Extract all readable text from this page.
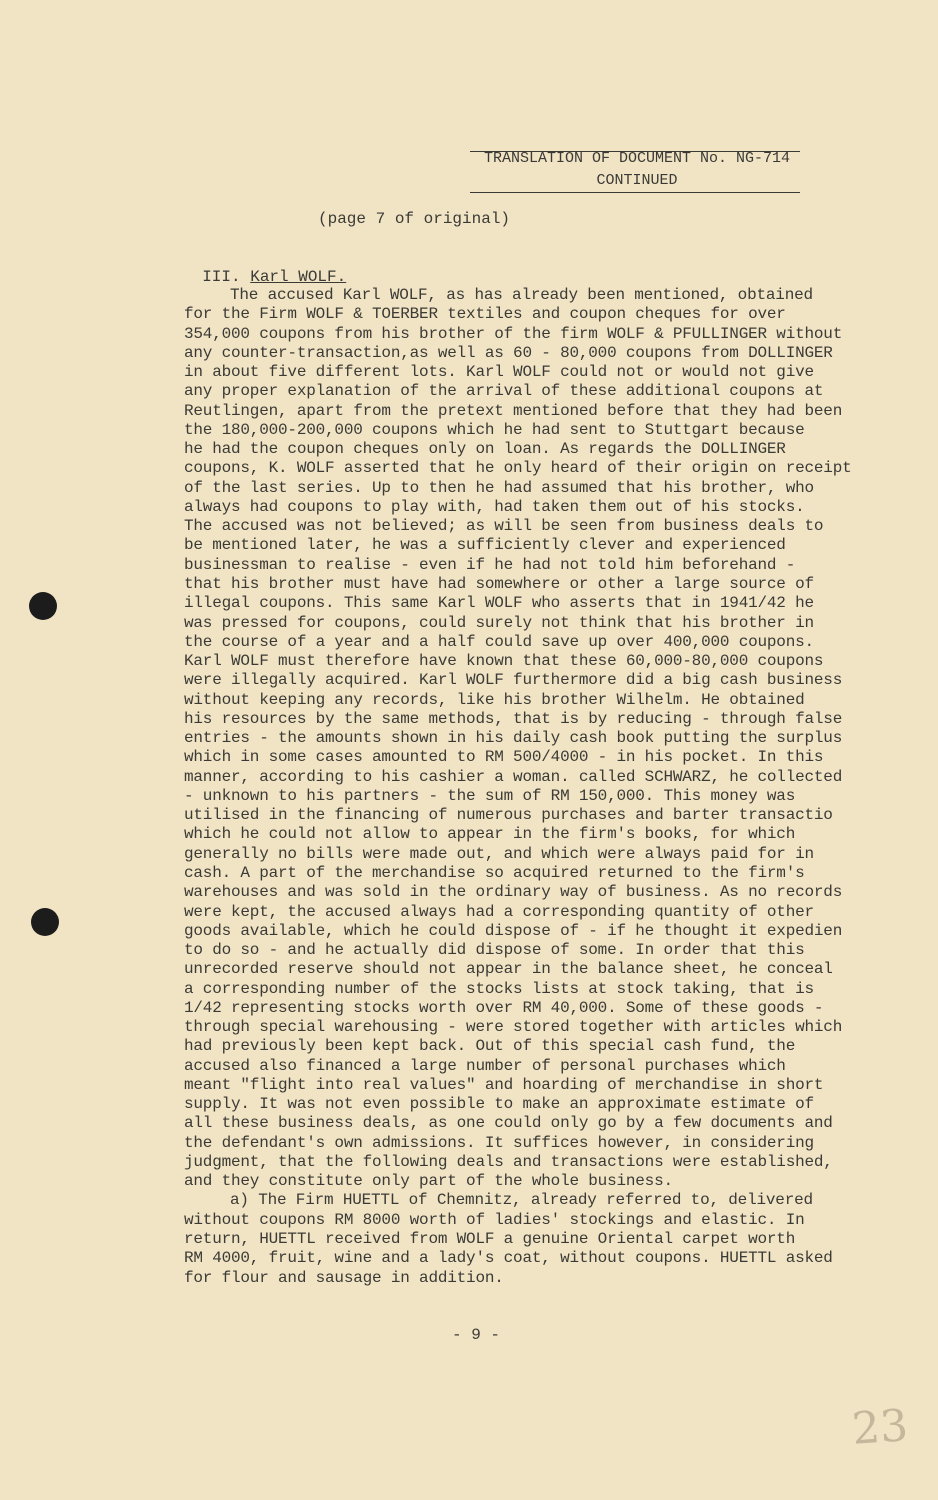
TRANSLATION OF DOCUMENT No. NG-714
CONTINUED
(page 7 of original)

III. Karl WOLF.

The accused Karl WOLF, as has already been mentioned, obtained
for the Firm WOLF & TOERBER textiles and coupon cheques for over
354,000 coupons from his brother of the firm WOLF & PFULLINGER without
any counter-transaction,as well as 60 - 80,000 coupons from DOLLINGER
in about five different lots. Karl WOLF could not or would not give
any proper explanation of the arrival of these additional coupons at
Reutlingen, apart from the pretext mentioned before that they had been
the 180,000-200,000 coupons which he had sent to Stuttgart because
he had the coupon cheques only on loan. As regards the DOLLINGER
coupons, K. WOLF asserted that he only heard of their origin on receipt
of the last series. Up to then he had assumed that his brother, who
always had coupons to play with, had taken them out of his stocks.
The accused was not believed; as will be seen from business deals to
be mentioned later, he was a sufficiently clever and experienced
businessman to realise - even if he had not told him beforehand -
that his brother must have had somewhere or other a large source of
illegal coupons. This same Karl WOLF who asserts that in 1941/42 he
was pressed for coupons, could surely not think that his brother in
the course of a year and a half could save up over 400,000 coupons.
Karl WOLF must therefore have known that these 60,000-80,000 coupons
were illegally acquired. Karl WOLF furthermore did a big cash business
without keeping any records, like his brother Wilhelm. He obtained
his resources by the same methods, that is by reducing - through false
entries - the amounts shown in his daily cash book putting the surplus
which in some cases amounted to RM 500/4000 - in his pocket. In this
manner, according to his cashier a woman. called SCHWARZ, he collected
- unknown to his partners - the sum of RM 150,000. This money was
utilised in the financing of numerous purchases and barter transactio
which he could not allow to appear in the firm's books, for which
generally no bills were made out, and which were always paid for in
cash. A part of the merchandise so acquired returned to the firm's
warehouses and was sold in the ordinary way of business. As no records
were kept, the accused always had a corresponding quantity of other
goods available, which he could dispose of - if he thought it expedien
to do so - and he actually did dispose of some. In order that this
unrecorded reserve should not appear in the balance sheet, he conceal
a corresponding number of the stocks lists at stock taking, that is
1/42 representing stocks worth over RM 40,000. Some of these goods -
through special warehousing - were stored together with articles which
had previously been kept back. Out of this special cash fund, the
accused also financed a large number of personal purchases which
meant "flight into real values" and hoarding of merchandise in short
supply. It was not even possible to make an approximate estimate of
all these business deals, as one could only go by a few documents and
the defendant's own admissions. It suffices however, in considering
judgment, that the following deals and transactions were established,
and they constitute only part of the whole business.
a) The Firm HUETTL of Chemnitz, already referred to, delivered
without coupons RM 8000 worth of ladies' stockings and elastic. In
return, HUETTL received from WOLF a genuine Oriental carpet worth
RM 4000, fruit, wine and a lady's coat, without coupons. HUETTL asked
for flour and sausage in addition.
- 9 -
23
